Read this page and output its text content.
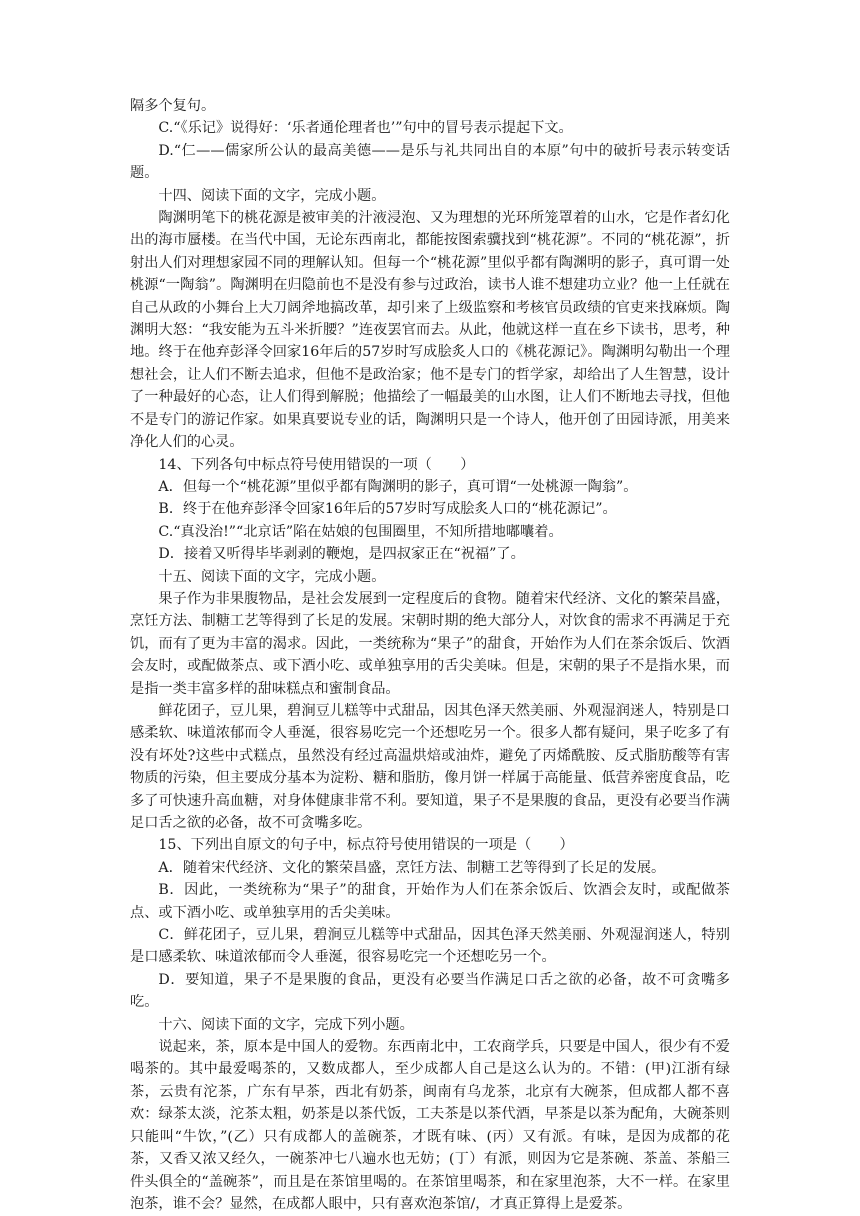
隔多个复句。

C.“《乐记》说得好：‘乐者通伦理者也’”句中的冒号表示提起下文。

D.“仁——儒家所公认的最高美德——是乐与礼共同出自的本原”句中的破折号表示转变话题。

十四、阅读下面的文字，完成小题。

陶渊明笔下的桃花源是被审美的汁液浸泡、又为理想的光环所笼罩着的山水，它是作者幻化出的海市蜃楼。在当代中国，无论东西南北，都能按图索骥找到“桃花源”。不同的“桃花源”，折射出人们对理想家园不同的理解认知。但每一个“桃花源”里似乎都有陶渊明的影子，真可谓一处桃源“一陶翁”。陶渊明在归隐前也不是没有参与过政治，读书人谁不想建功立业？他一上任就在自己从政的小舞台上大刀阔斧地搞改革，却引来了上级监察和考核官员政绩的官吏来找麻烦。陶渊明大怒：“我安能为五斗米折腰？”连夜罢官而去。从此，他就这样一直在乡下读书，思考，种地。终于在他弃彭泽令回家16年后的57岁时写成脍炙人口的《桃花源记》。陶渊明勾勒出一个理想社会，让人们不断去追求，但他不是政治家；他不是专门的哲学家，却给出了人生智慧，设计了一种最好的心态，让人们得到解脱；他描绘了一幅最美的山水图，让人们不断地去寻找，但他不是专门的游记作家。如果真要说专业的话，陶渊明只是一个诗人，他开创了田园诗派，用美来净化人们的心灵。

14、下列各句中标点符号使用错误的一项（　　）

A．但每一个“桃花源”里似乎都有陶渊明的影子，真可谓“一处桃源一陶翁”。

B．终于在他弃彭泽令回家16年后的57岁时写成脍炙人口的“桃花源记”。

C.“真没治!”“北京话”陷在姑娘的包围圈里，不知所措地嘟囔着。

D．接着又听得毕毕剥剥的鞭炮，是四叔家正在“祝福”了。

十五、阅读下面的文字，完成小题。

果子作为非果腹物品，是社会发展到一定程度后的食物。随着宋代经济、文化的繁荣昌盛，烹饪方法、制糖工艺等得到了长足的发展。宋朝时期的绝大部分人，对饮食的需求不再满足于充饥，而有了更为丰富的渴求。因此，一类统称为“果子”的甜食，开始作为人们在茶余饭后、饮酒会友时，或配做茶点、或下酒小吃、或单独享用的舌尖美味。但是，宋朝的果子不是指水果，而是指一类丰富多样的甜味糕点和蜜制食品。

鲜花团子，豆儿果，碧涧豆儿糕等中式甜品，因其色泽天然美丽、外观湿润迷人，特别是口感柔软、味道浓郁而令人垂涎，很容易吃完一个还想吃另一个。很多人都有疑问，果子吃多了有没有坏处?这些中式糕点，虽然没有经过高温烘焙或油炸，避免了丙烯酰胺、反式脂肪酸等有害物质的污染，但主要成分基本为淀粉、糖和脂肪，像月饼一样属于高能量、低营养密度食品，吃多了可快速升高血糖，对身体健康非常不利。要知道，果子不是果腹的食品，更没有必要当作满足口舌之欲的必备，故不可贪嘴多吃。

15、下列出自原文的句子中，标点符号使用错误的一项是（　　）

A．随着宋代经济、文化的繁荣昌盛，烹饪方法、制糖工艺等得到了长足的发展。

B．因此，一类统称为“果子”的甜食，开始作为人们在茶余饭后、饮酒会友时，或配做茶点、或下酒小吃、或单独享用的舌尖美味。

C．鲜花团子，豆儿果，碧涧豆儿糕等中式甜品，因其色泽天然美丽、外观湿润迷人，特别是口感柔软、味道浓郁而令人垂涎，很容易吃完一个还想吃另一个。

D．要知道，果子不是果腹的食品，更没有必要当作满足口舌之欲的必备，故不可贪嘴多吃。

十六、阅读下面的文字，完成下列小题。

说起来，茶，原本是中国人的爱物。东西南北中，工农商学兵，只要是中国人，很少有不爱喝茶的。其中最爱喝茶的，又数成都人，至少成都人自己是这么认为的。不错：(甲)江浙有绿茶，云贵有沱茶，广东有早茶，西北有奶茶，闽南有乌龙茶，北京有大碗茶，但成都人都不喜欢：绿茶太淡，沱茶太粗，奶茶是以茶代饭，工夫茶是以茶代酒，早茶是以茶为配角，大碗茶则只能叫“牛饮，”(乙）只有成都人的盖碗茶，才既有味、(丙）又有派。有味，是因为成都的花茶，又香又浓又经久，一碗茶冲七八遍水也无妨；(丁）有派，则因为它是茶碗、茶盖、茶船三件头俱全的“盖碗茶”，而且是在茶馆里喝的。在茶馆里喝茶，和在家里泡茶，大不一样。在家里泡茶，谁不会？显然，在成都人眼中，只有喜欢泡茶馆/，才真正算得上是爱茶。
